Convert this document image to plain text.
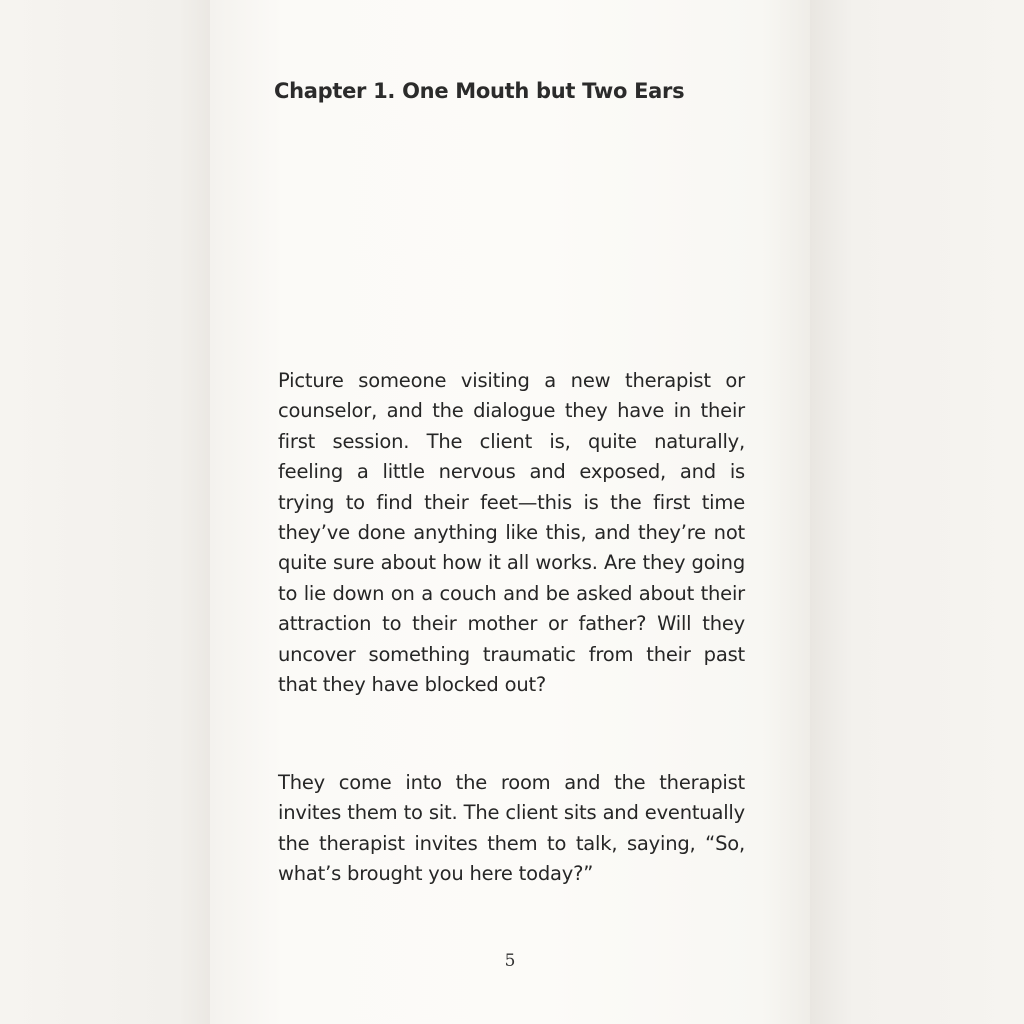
Chapter 1. One Mouth but Two Ears

Picture someone visiting a new therapist or counselor, and the dialogue they have in their first session. The client is, quite naturally, feeling a little nervous and exposed, and is trying to find their feet—this is the first time they’ve done anything like this, and they’re not quite sure about how it all works. Are they going to lie down on a couch and be asked about their attraction to their mother or father? Will they uncover something traumatic from their past that they have blocked out?

They come into the room and the therapist invites them to sit. The client sits and eventually the therapist invites them to talk, saying, “So, what’s brought you here today?”

5
